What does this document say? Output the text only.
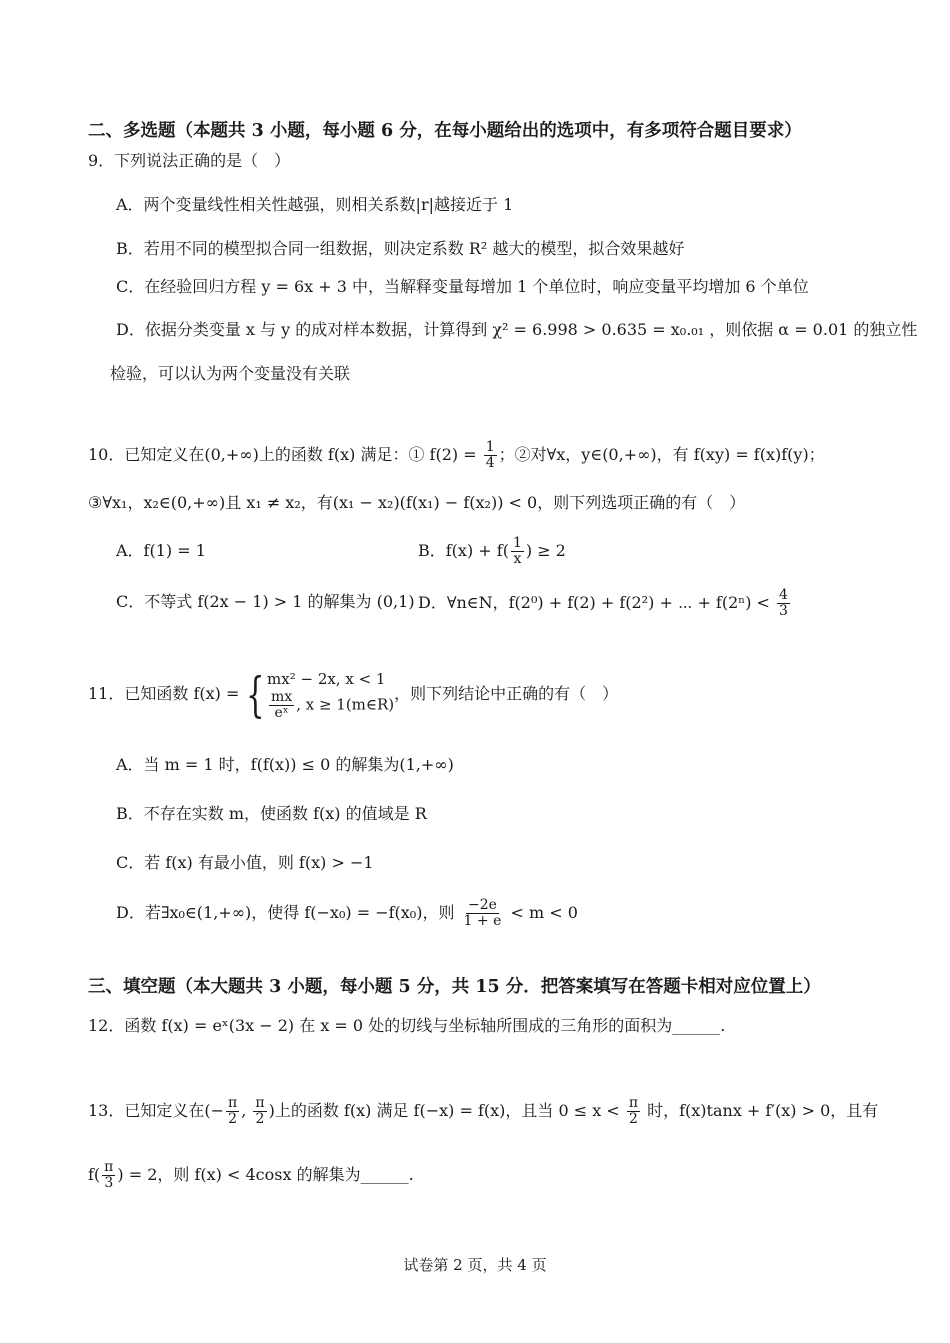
二、多选题（本题共 3 小题，每小题 6 分，在每小题给出的选项中，有多项符合题目要求）
9．下列说法正确的是（　）
A．两个变量线性相关性越强，则相关系数|r|越接近于 1
B．若用不同的模型拟合同一组数据，则决定系数 R² 越大的模型，拟合效果越好
C．在经验回归方程 y = 6x + 3 中，当解释变量每增加 1 个单位时，响应变量平均增加 6 个单位
D．依据分类变量 x 与 y 的成对样本数据，计算得到 χ² = 6.998 > 0.635 = x₀.₀₁ ，则依据 α = 0.01 的独立性
检验，可以认为两个变量没有关联
10．已知定义在(0,+∞)上的函数 f(x) 满足：① $f(2) = \frac{1}{4}$ ；②对∀x，y∈(0,+∞)，有 f(xy) = f(x)f(y)；
③∀x₁，x₂∈(0,+∞)且 x₁ ≠ x₂，有(x₁ − x₂)(f(x₁) − f(x₂)) < 0，则下列选项正确的有（　）
A．f(1) = 1	B．$f(x) + f( \frac{1}{x}$ ) ≥ 2
C．不等式 f(2x − 1) > 1 的解集为 (0,1) D．∀n∈N，f(2⁰) + f(2) + f(2²) + ⋯ + $f(2^n) < \frac{4}{3}$
11．已知函数 f(x) = { mx² − 2x, x < 1
$\frac{mx}{\text{eˣ}}$ , x ≥ 1(m∈R)
，则下列结论中正确的有（　）
A．当 m = 1 时，f(f(x)) ≤ 0 的解集为(1,+∞)
B．不存在实数 m，使函数 f(x) 的值域是 R
C．若 f(x) 有最小值，则 f(x) > −1
D．若∃x₀∈(1,+∞)，使得 f(−x₀) = −f(x₀)，则 $\frac{-2e}{1 + e} < m < 0$
三、填空题（本大题共 3 小题，每小题 5 分，共 15 分．把答案填写在答题卡相对应位置上）
12．函数 f(x) = eˣ(3x − 2) 在 x = 0 处的切线与坐标轴所围成的三角形的面积为______.
13．已知定义在(− $\frac{\pi}{2}$ , $\frac{\pi}{2}$ )上的函数 f(x) 满足 f(−x) = f(x)，且当 $0 \le x < \frac{\pi}{2}$ 时，f(x)tanx + f′(x) > 0，且有
$f( \frac{\pi}{3}$ ) = 2，则 f(x) < 4cosx 的解集为______.
试卷第 2 页，共 4 页
